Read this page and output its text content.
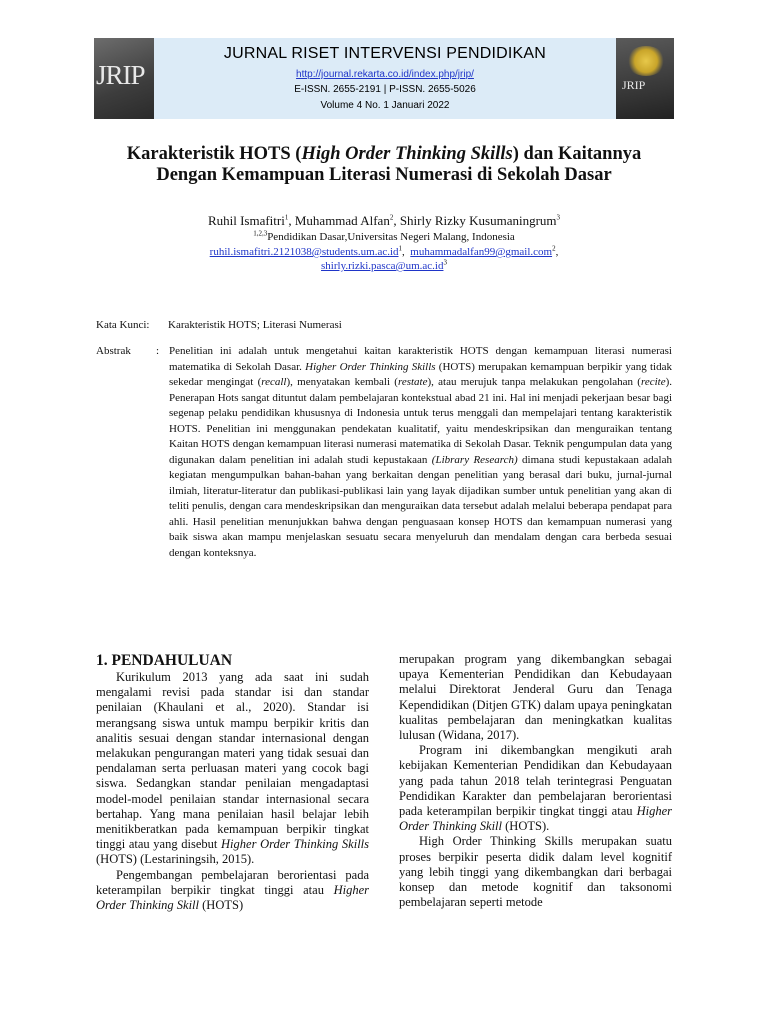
JRIP	JRIP
JURNAL RISET INTERVENSI PENDIDIKAN
http://journal.rekarta.co.id/index.php/jrip/
E-ISSN. 2655-2191 | P-ISSN. 2655-5026
Volume 4 No. 1 Januari 2022
Karakteristik HOTS (High Order Thinking Skills) dan Kaitannya
Dengan Kemampuan Literasi Numerasi di Sekolah Dasar
Ruhil Ismafitri$^1$, Muhammad Alfan$^2$, Shirly Rizky Kusumaningrum$^3$
$^{1,2,3}$Pendidikan Dasar,Universitas Negeri Malang, Indonesia
$ruhil.ismafitri.2121038@students.um.ac.id^1$, muhammadalfan99@gmail.com$^2$,
$shirly.rizki.pasca@um.ac.id^3$
Kata Kunci: Karakteristik HOTS; Literasi Numerasi
Abstrak : Penelitian ini adalah untuk mengetahui kaitan karakteristik HOTS dengan kemampuan literasi numerasi matematika di Sekolah Dasar. Higher Order Thinking Skills (HOTS) merupakan kemampuan berpikir yang tidak sekedar mengingat (recall), menyatakan kembali (restate), atau merujuk tanpa melakukan pengolahan (recite). Penerapan Hots sangat dituntut dalam pembelajaran kontekstual abad 21 ini. Hal ini menjadi pekerjaan besar bagi segenap pelaku pendidikan khususnya di Indonesia untuk terus menggali dan mempelajari tentang karakteristik HOTS. Penelitian ini menggunakan pendekatan kualitatif, yaitu mendeskripsikan dan menguraikan tentang Kaitan HOTS dengan kemampuan literasi numerasi matematika di Sekolah Dasar. Teknik pengumpulan data yang digunakan dalam penelitian ini adalah studi kepustakaan (Library Research) dimana studi kepustakaan adalah kegiatan mengumpulkan bahan-bahan yang berkaitan dengan penelitian yang berasal dari buku, jurnal-jurnal ilmiah, literatur-literatur dan publikasi-publikasi lain yang layak dijadikan sumber untuk penelitian yang akan di teliti penulis, dengan cara mendeskripsikan dan menguraikan data tersebut adalah melalui beberapa pendapat para ahli. Hasil penelitian menunjukkan bahwa dengan penguasaan konsep HOTS dan kemampuan numerasi yang baik siswa akan mampu menjelaskan sesuatu secara menyeluruh dan mendalam dengan cara berbeda sesuai dengan konteksnya.

1. PENDAHULUAN

Kurikulum 2013 yang ada saat ini sudah mengalami revisi pada standar isi dan standar penilaian (Khaulani et al., 2020). Standar isi merangsang siswa untuk mampu berpikir kritis dan analitis sesuai dengan standar internasional dengan melakukan pengurangan materi yang tidak sesuai dan pendalaman serta perluasan materi yang cocok bagi siswa. Sedangkan standar penilaian mengadaptasi model-model penilaian standar internasional secara bertahap. Yang mana penilaian hasil belajar lebih menitikberatkan pada kemampuan berpikir tingkat tinggi atau yang disebut Higher Order Thinking Skills (HOTS) (Lestariningsih, 2015).

Pengembangan pembelajaran berorientasi pada keterampilan berpikir tingkat tinggi atau Higher Order Thinking Skill (HOTS)

merupakan program yang dikembangkan sebagai upaya Kementerian Pendidikan dan Kebudayaan melalui Direktorat Jenderal Guru dan Tenaga Kependidikan (Ditjen GTK) dalam upaya peningkatan kualitas pembelajaran dan meningkatkan kualitas lulusan (Widana, 2017).

Program ini dikembangkan mengikuti arah kebijakan Kementerian Pendidikan dan Kebudayaan yang pada tahun 2018 telah terintegrasi Penguatan Pendidikan Karakter dan pembelajaran berorientasi pada keterampilan berpikir tingkat tinggi atau Higher Order Thinking Skill (HOTS).

High Order Thinking Skills merupakan suatu proses berpikir peserta didik dalam level kognitif yang lebih tinggi yang dikembangkan dari berbagai konsep dan metode kognitif dan taksonomi pembelajaran seperti metode
